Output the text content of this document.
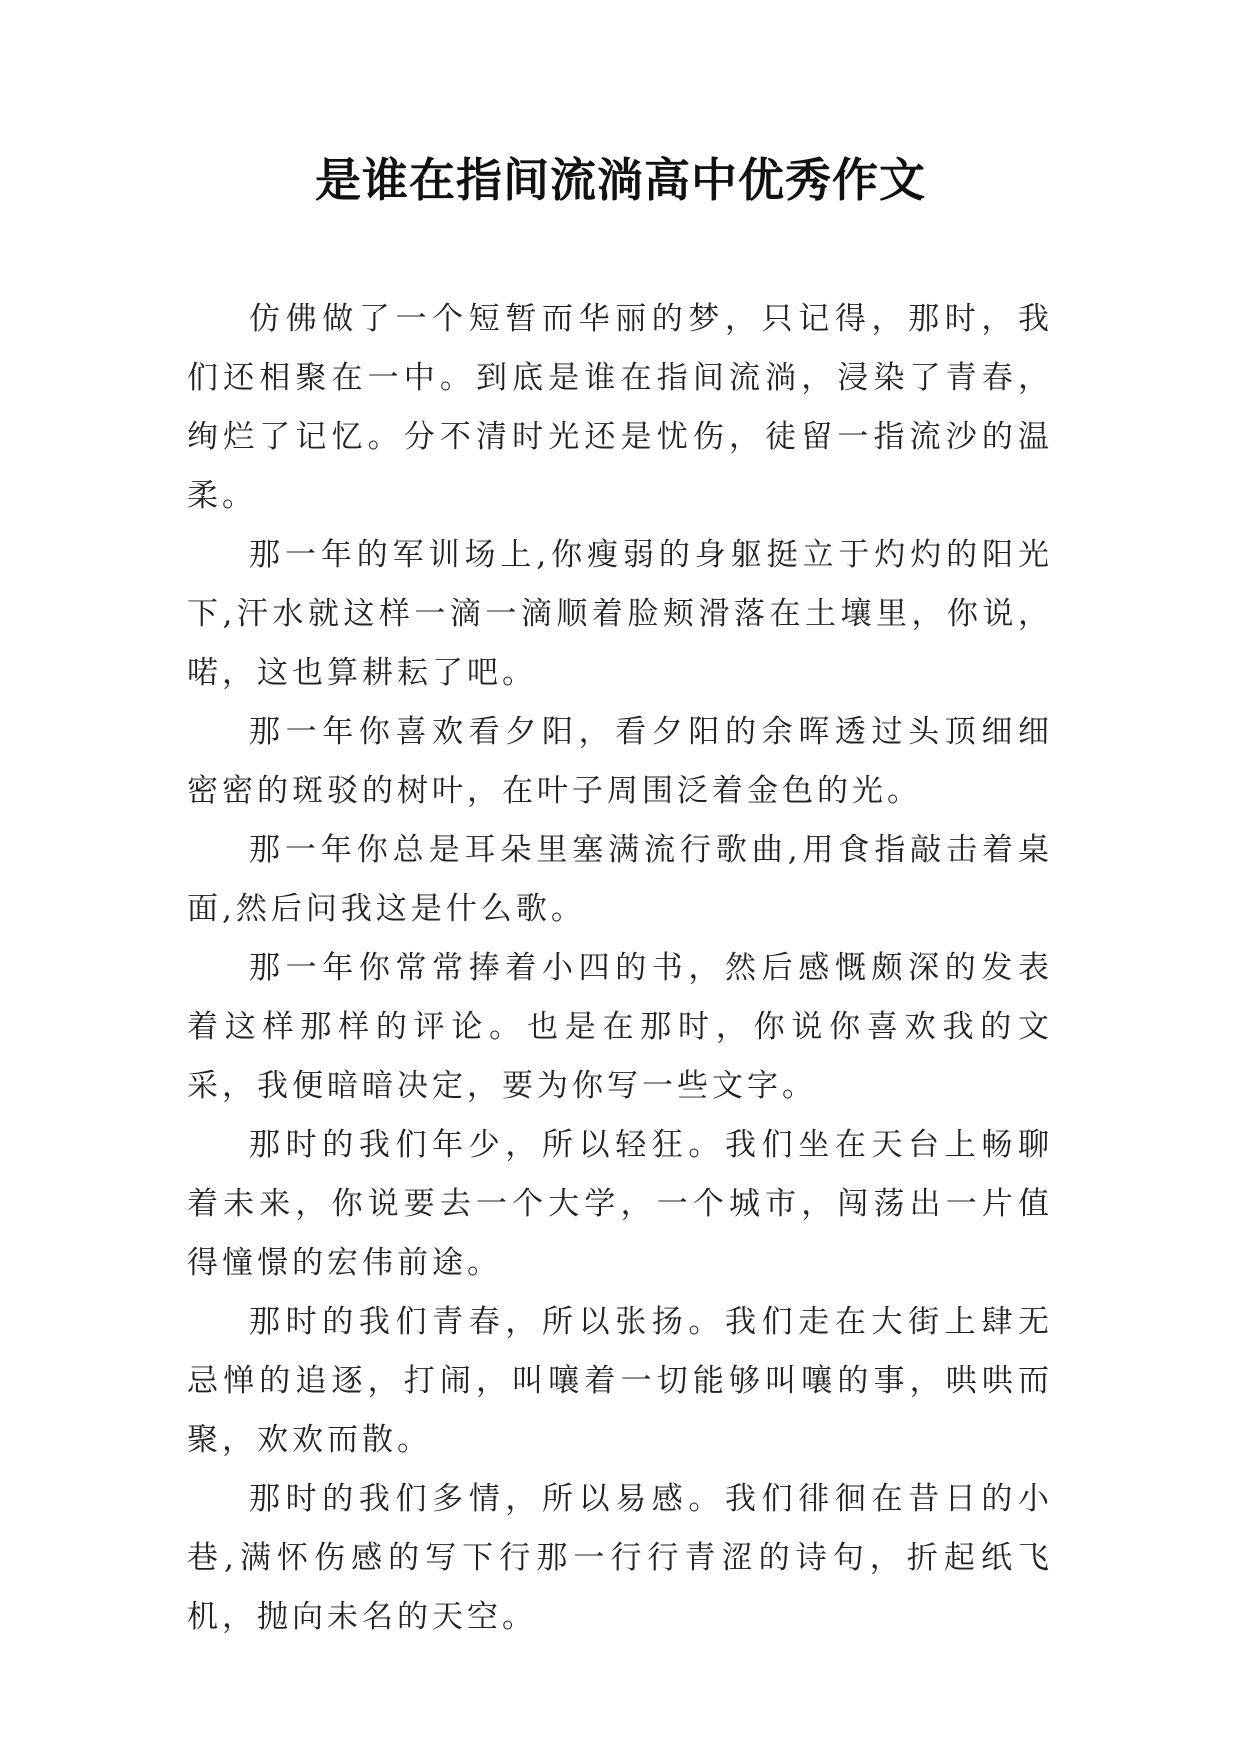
是谁在指间流淌高中优秀作文

仿佛做了一个短暂而华丽的梦，只记得，那时，我们还相聚在一中。到底是谁在指间流淌，浸染了青春，绚烂了记忆。分不清时光还是忧伤，徒留一指流沙的温柔。

那一年的军训场上,你瘦弱的身躯挺立于灼灼的阳光下,汗水就这样一滴一滴顺着脸颊滑落在土壤里，你说，喏，这也算耕耘了吧。

那一年你喜欢看夕阳，看夕阳的余晖透过头顶细细密密的斑驳的树叶，在叶子周围泛着金色的光。

那一年你总是耳朵里塞满流行歌曲,用食指敲击着桌面,然后问我这是什么歌。

那一年你常常捧着小四的书，然后感慨颇深的发表着这样那样的评论。也是在那时，你说你喜欢我的文采，我便暗暗决定，要为你写一些文字。

那时的我们年少，所以轻狂。我们坐在天台上畅聊着未来，你说要去一个大学，一个城市，闯荡出一片值得憧憬的宏伟前途。

那时的我们青春，所以张扬。我们走在大街上肆无忌惮的追逐，打闹，叫嚷着一切能够叫嚷的事，哄哄而聚，欢欢而散。

那时的我们多情，所以易感。我们徘徊在昔日的小巷,满怀伤感的写下行那一行行青涩的诗句，折起纸飞机，抛向未名的天空。
